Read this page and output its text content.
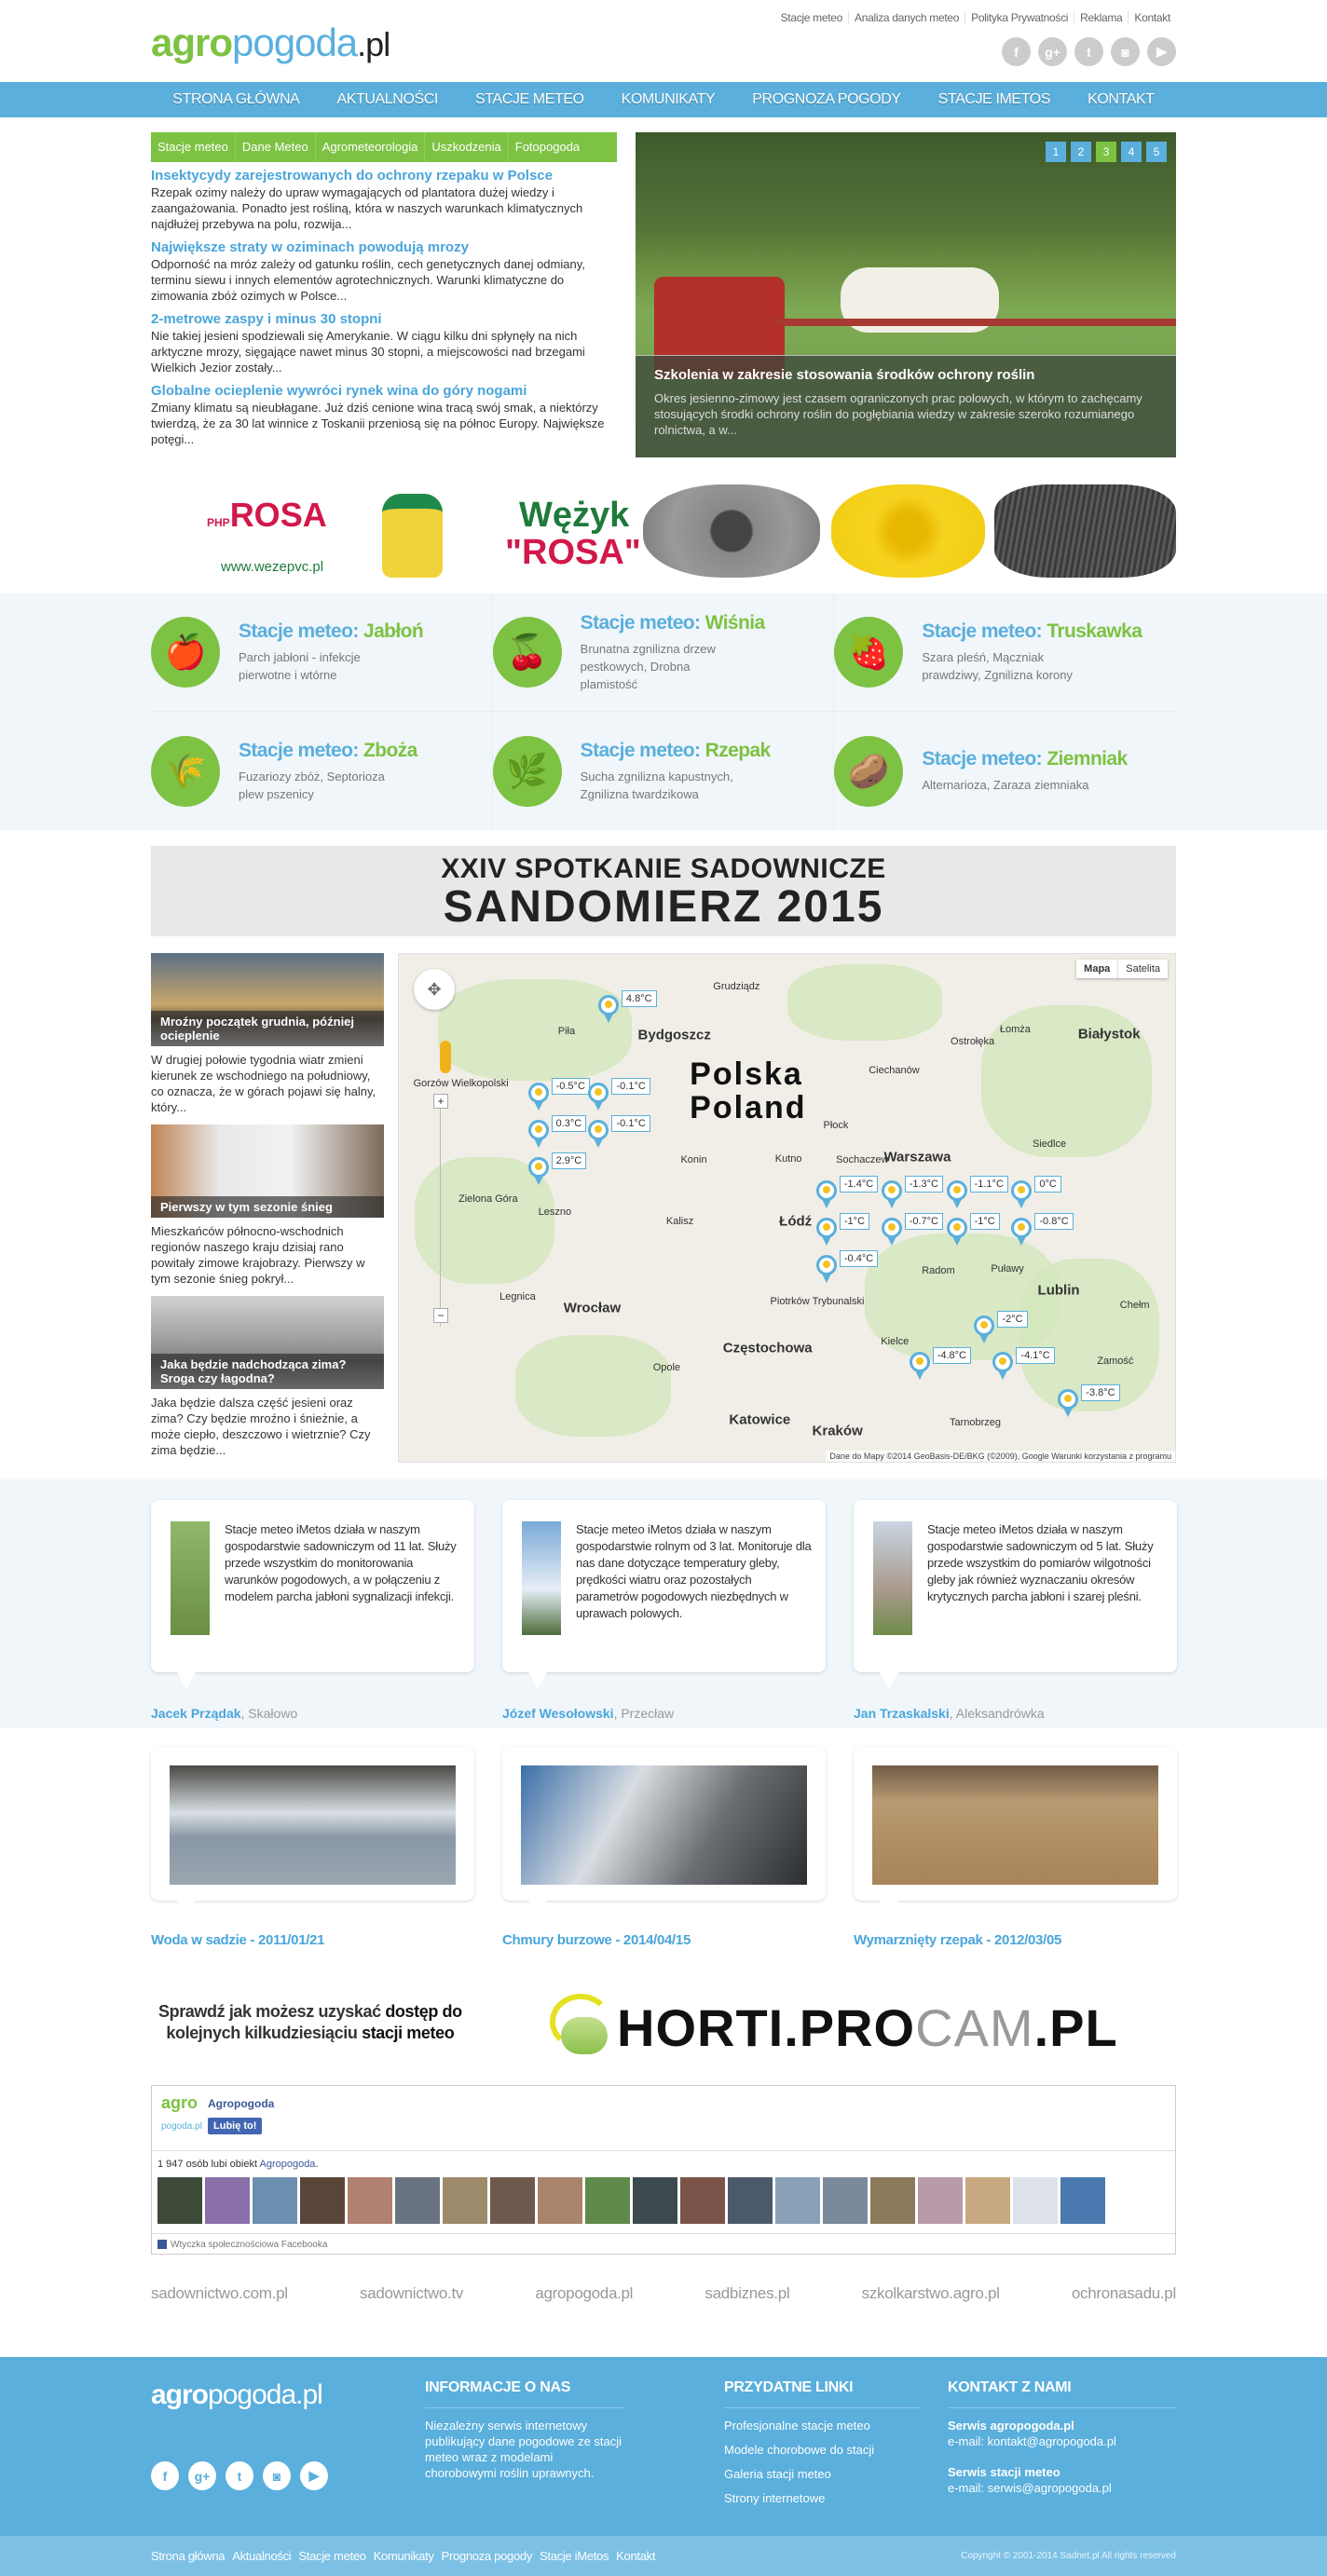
agropogoda.pl
Stacje meteo	Analiza danych meteo	Polityka Prywatności	Reklama	Kontakt
f	g+	t	◙	▶
STRONA GŁÓWNA	AKTUALNOŚCI	STACJE METEO	KOMUNIKATY	PROGNOZA POGODY	STACJE IMETOS	KONTAKT
Stacje meteo	Dane Meteo	Agrometeorologia	Uszkodzenia	Fotopogoda
Insektycydy zarejestrowanych do ochrony rzepaku w Polsce

Rzepak ozimy należy do upraw wymagających od plantatora dużej wiedzy i zaangażowania. Ponadto jest rośliną, która w naszych warunkach klimatycznych najdłużej przebywa na polu, rozwija...

Największe straty w oziminach powodują mrozy

Odporność na mróz zależy od gatunku roślin, cech genetycznych danej odmiany, terminu siewu i innych elementów agrotechnicznych. Warunki klimatyczne do zimowania zbóż ozimych w Polsce...

2-metrowe zaspy i minus 30 stopni

Nie takiej jesieni spodziewali się Amerykanie. W ciągu kilku dni spłynęły na nich arktyczne mrozy, sięgające nawet minus 30 stopni, a miejscowości nad brzegami Wielkich Jezior zostały...

Globalne ocieplenie wywróci rynek wina do góry nogami

Zmiany klimatu są nieubłagane. Już dziś cenione wina tracą swój smak, a niektórzy twierdzą, że za 30 lat winnice z Toskanii przeniosą się na północ Europy. Największe potęgi...

1	2	3	4	5
Szkolenia w zakresie stosowania środków ochrony roślin

Okres jesienno-zimowy jest czasem ograniczonych prac polowych, w którym to zachęcamy stosujących środki ochrony roślin do pogłębiania wiedzy w zakresie szeroko rozumianego rolnictwa, a w...

PHPROSA
www.wezepvc.pl
Wężyk
"ROSA"
🍎
Stacje meteo: Jabłoń

Parch jabłoni - infekcje pierwotne i wtórne

🍒
Stacje meteo: Wiśnia

Brunatna zgnilizna drzew pestkowych, Drobna plamistość

🍓
Stacje meteo: Truskawka

Szara pleśń, Mączniak prawdziwy, Zgnilizna korony

🌾
Stacje meteo: Zboża

Fuzariozy zbóż, Septorioza plew pszenicy

🌿
Stacje meteo: Rzepak

Sucha zgnilizna kapustnych, Zgnilizna twardzikowa

🥔	Stacje meteo: Ziemniak

Alternarioza, Zaraza ziemniaka

XXIV SPOTKANIE SADOWNICZE
SANDOMIERZ 2015
Mroźny początek grudnia, później ocieplenie

W drugiej połowie tygodnia wiatr zmieni kierunek ze wschodniego na południowy, co oznacza, że w górach pojawi się halny, który...

Pierwszy w tym sezonie śnieg

Mieszkańców północno-wschodnich regionów naszego kraju dzisiaj rano powitały zimowe krajobrazy. Pierwszy w tym sezonie śnieg pokrył...

Jaka będzie nadchodząca zima? Sroga czy łagodna?

Jaka będzie dalsza część jesieni oraz zima? Czy będzie mroźno i śnieżnie, a może ciepło, deszczowo i wietrznie? Czy zima będzie...

Polska
Poland
Bydgoszcz
Warszawa
Łódź
Wrocław
Kraków
Katowice
Lublin
Białystok
Grudziądz
Płock
Kielce
Radom
Częstochowa
Zielona Góra
Opole
Łomża
Siedlce
Piła
Konin
Kalisz
Leszno
Legnica
Tarnobrzeg
Zamość
Chełm
Ostrołęka
Ciechanów
Kutno
Puławy
Piotrków Trybunalski
Gorzów Wielkopolski
Sochaczew
4.8°C
-0.5°C	-0.1°C
0.3°C	-0.1°C
2.9°C
-1.4°C	-1.3°C	-1.1°C	0°C
-1°C	-0.7°C	-1°C	-0.8°C
-0.4°C
-2°C
-4.8°C	-4.1°C
-3.8°C
✥
+
−
Mapa	Satelita
Dane do Mapy ©2014 GeoBasis-DE/BKG (©2009), Google Warunki korzystania z programu

Stacje meteo iMetos działa w naszym gospodarstwie sadowniczym od 11 lat. Służy przede wszystkim do monitorowania warunków pogodowych, a w połączeniu z modelem parcha jabłoni sygnalizacji infekcji.

Jacek Prządak, Skałowo

Stacje meteo iMetos działa w naszym gospodarstwie rolnym od 3 lat. Monitoruje dla nas dane dotyczące temperatury gleby, prędkości wiatru oraz pozostałych parametrów pogodowych niezbędnych w uprawach polowych.

Józef Wesołowski, Przecław

Stacje meteo iMetos działa w naszym gospodarstwie sadowniczym od 5 lat. Służy przede wszystkim do pomiarów wilgotności gleby jak również wyznaczaniu okresów krytycznych parcha jabłoni i szarej pleśni.

Jan Trzaskalski, Aleksandrówka
Woda w sadzie - 2011/01/21	Chmury burzowe - 2014/04/15	Wymarznięty rzepak - 2012/03/05
Sprawdź jak możesz uzyskać dostęp do
kolejnych kilkudziesiąciu stacji meteo	HORTI.PROCAM.PL
agro
pogoda.pl
Agropogoda
Lubię to!
1 947 osób lubi obiekt Agropogoda.
Wtyczka społecznościowa Facebooka
sadownictwo.com.pl	sadownictwo.tv	agropogoda.pl	sadbiznes.pl	szkolkarstwo.agro.pl	ochronasadu.pl
agropogoda.pl
f	g+	t	◙	▶
INFORMACJE O NAS

Niezależny serwis internetowy publikujący dane pogodowe ze stacji meteo wraz z modelami chorobowymi roślin uprawnych.

PRZYDATNE LINKI
Profesjonalne stacje meteo
Modele chorobowe do stacji
Galeria stacji meteo
Strony internetowe
KONTAKT Z NAMI

Serwis agropogoda.pl

e-mail: kontakt@agropogoda.pl

Serwis stacji meteo

e-mail: serwis@agropogoda.pl

Strona główna Aktualności Stacje meteo Komunikaty Prognoza pogody Stacje iMetos Kontakt	Copyright © 2001-2014 Sadnet.pl All rights reserved
